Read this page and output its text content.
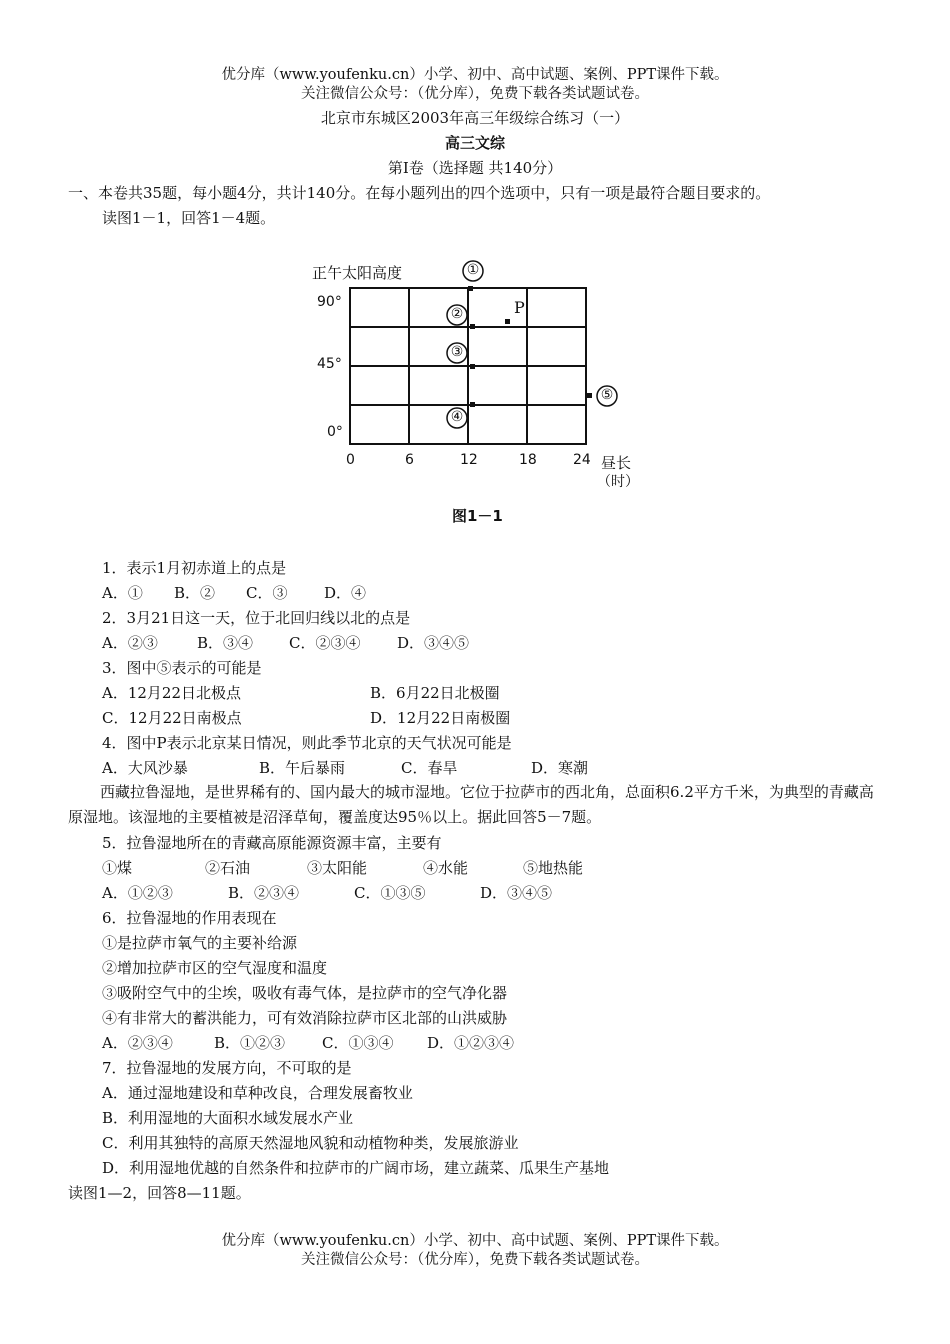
优分库（www.youfenku.cn）小学、初中、高中试题、案例、PPT课件下载。
关注微信公众号：（优分库），免费下载各类试题试卷。
北京市东城区2003年高三年级综合练习（一）
高三文综
第Ⅰ卷（选择题 共140分）
一、本卷共35题，每小题4分，共计140分。在每小题列出的四个选项中，只有一项是最符合题目要求的。
读图1－1，回答1－4题。
正午太阳高度
90°
45°
0°
①
②
③
④
⑤
P
0	6	12	18	24 昼长
（时）
图1－1
1．表示1月初赤道上的点是
A．① B．② C．③ D．④
2．3月21日这一天，位于北回归线以北的点是
A．②③	B．③④ C．②③④ D．③④⑤
3．图中⑤表示的可能是
A．12月22日北极点	B．6月22日北极圈
C．12月22日南极点	D．12月22日南极圈
4．图中P表示北京某日情况，则此季节北京的天气状况可能是
A．大风沙暴	B．午后暴雨	C．春旱	D．寒潮
西藏拉鲁湿地，是世界稀有的、国内最大的城市湿地。它位于拉萨市的西北角，总面积6.2平方千米，为典型的青藏高原湿地。该湿地的主要植被是沼泽草甸，覆盖度达95％以上。据此回答5－7题。
5．拉鲁湿地所在的青藏高原能源资源丰富，主要有
①煤	②石油	③太阳能	④水能	⑤地热能
A．①②③	B．②③④	C．①③⑤	D．③④⑤
6．拉鲁湿地的作用表现在
①是拉萨市氧气的主要补给源
②增加拉萨市区的空气湿度和温度
③吸附空气中的尘埃，吸收有毒气体，是拉萨市的空气净化器
④有非常大的蓄洪能力，可有效消除拉萨市区北部的山洪威胁
A．②③④	B．①②③ C．①③④ D．①②③④
7．拉鲁湿地的发展方向，不可取的是
A．通过湿地建设和草种改良，合理发展畜牧业
B．利用湿地的大面积水域发展水产业
C．利用其独特的高原天然湿地风貌和动植物种类，发展旅游业
D．利用湿地优越的自然条件和拉萨市的广阔市场，建立蔬菜、瓜果生产基地
读图1—2，回答8—11题。
优分库（www.youfenku.cn）小学、初中、高中试题、案例、PPT课件下载。
关注微信公众号：（优分库），免费下载各类试题试卷。
